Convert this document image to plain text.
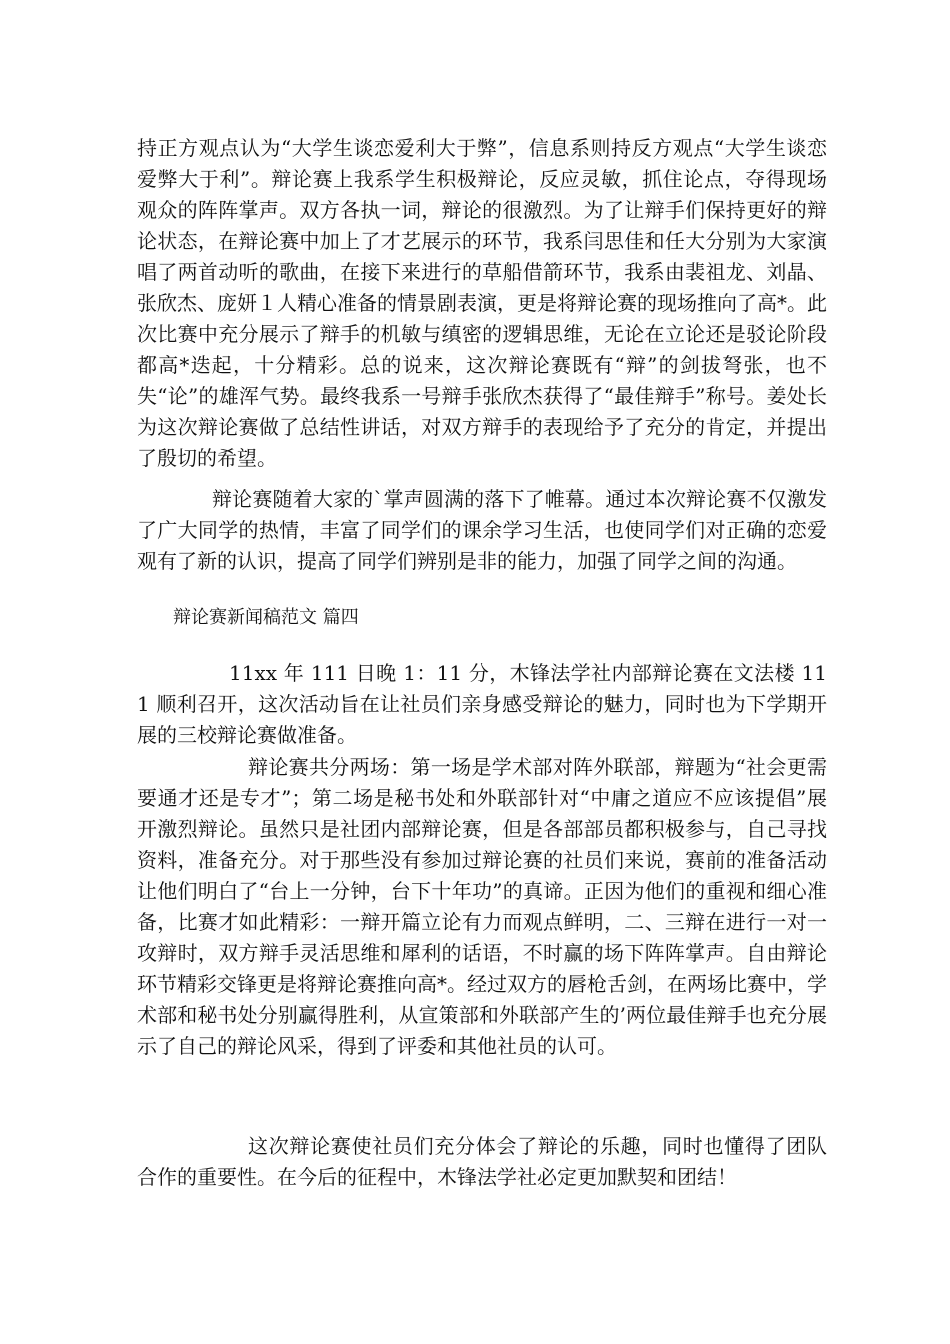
持正方观点认为“大学生谈恋爱利大于弊”，信息系则持反方观点“大学生谈恋爱弊大于利”。辩论赛上我系学生积极辩论，反应灵敏，抓住论点，夺得现场观众的阵阵掌声。双方各执一词，辩论的很激烈。为了让辩手们保持更好的辩论状态，在辩论赛中加上了才艺展示的环节，我系闫思佳和任大分别为大家演唱了两首动听的歌曲，在接下来进行的草船借箭环节，我系由裴祖龙、刘晶、张欣杰、庞妍１人精心准备的情景剧表演，更是将辩论赛的现场推向了高*。此次比赛中充分展示了辩手的机敏与缜密的逻辑思维，无论在立论还是驳论阶段都高*迭起，十分精彩。总的说来，这次辩论赛既有“辩”的剑拔弩张，也不失“论”的雄浑气势。最终我系一号辩手张欣杰获得了“最佳辩手”称号。姜处长为这次辩论赛做了总结性讲话，对双方辩手的表现给予了充分的肯定，并提出了殷切的希望。

辩论赛随着大家的`掌声圆满的落下了帷幕。通过本次辩论赛不仅激发了广大同学的热情，丰富了同学们的课余学习生活，也使同学们对正确的恋爱观有了新的认识，提高了同学们辨别是非的能力，加强了同学之间的沟通。

辩论赛新闻稿范文 篇四

11xx 年 111 日晚 1：11 分，木锋法学社内部辩论赛在文法楼 111 顺利召开，这次活动旨在让社员们亲身感受辩论的魅力，同时也为下学期开展的三校辩论赛做准备。

辩论赛共分两场：第一场是学术部对阵外联部，辩题为“社会更需要通才还是专才”；第二场是秘书处和外联部针对“中庸之道应不应该提倡”展开激烈辩论。虽然只是社团内部辩论赛，但是各部部员都积极参与，自己寻找资料，准备充分。对于那些没有参加过辩论赛的社员们来说，赛前的准备活动让他们明白了“台上一分钟，台下十年功”的真谛。正因为他们的重视和细心准备，比赛才如此精彩：一辩开篇立论有力而观点鲜明，二、三辩在进行一对一攻辩时，双方辩手灵活思维和犀利的话语，不时赢的场下阵阵掌声。自由辩论环节精彩交锋更是将辩论赛推向高*。经过双方的唇枪舌剑，在两场比赛中，学术部和秘书处分别赢得胜利，从宣策部和外联部产生的’两位最佳辩手也充分展示了自己的辩论风采，得到了评委和其他社员的认可。

这次辩论赛使社员们充分体会了辩论的乐趣，同时也懂得了团队合作的重要性。在今后的征程中，木锋法学社必定更加默契和团结！
